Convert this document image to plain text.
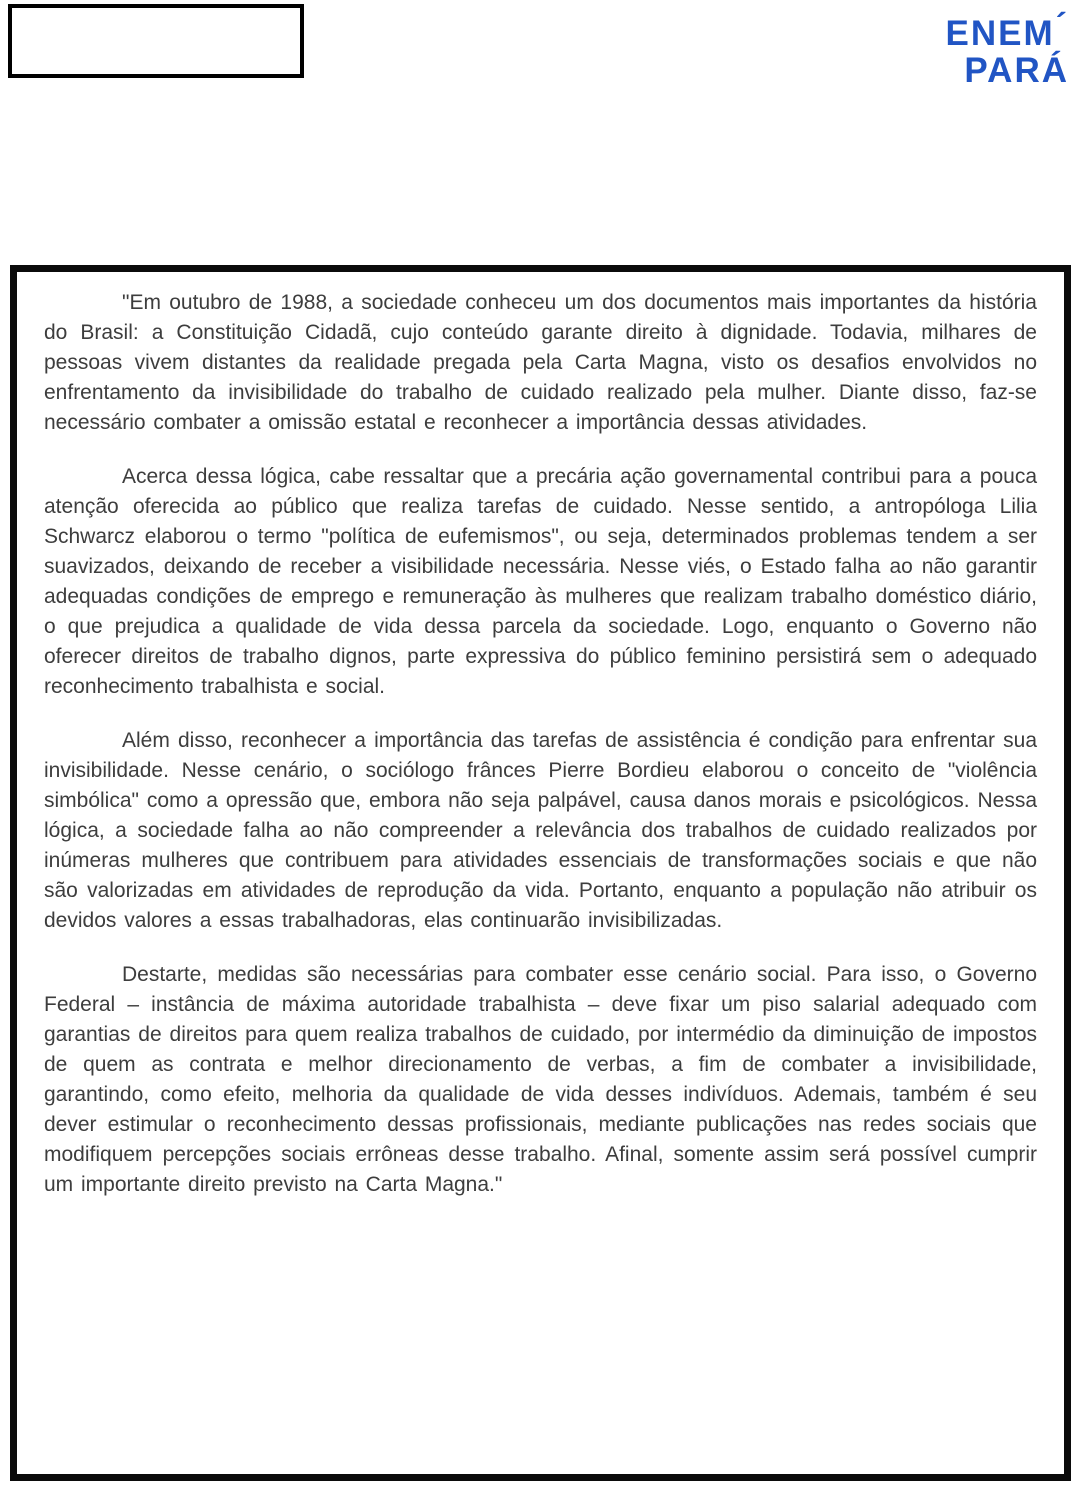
ENEM´
PARÁ

"Em outubro de 1988, a sociedade conheceu um dos documentos mais importantes da história do Brasil: a Constituição Cidadã, cujo conteúdo garante direito à dignidade. Todavia, milhares de pessoas vivem distantes da realidade pregada pela Carta Magna, visto os desafios envolvidos no enfrentamento da invisibilidade do trabalho de cuidado realizado pela mulher. Diante disso, faz-se necessário combater a omissão estatal e reconhecer a importância dessas atividades.

Acerca dessa lógica, cabe ressaltar que a precária ação governamental contribui para a pouca atenção oferecida ao público que realiza tarefas de cuidado. Nesse sentido, a antropóloga Lilia Schwarcz elaborou o termo "política de eufemismos", ou seja, determinados problemas tendem a ser suavizados, deixando de receber a visibilidade necessária. Nesse viés, o Estado falha ao não garantir adequadas condições de emprego e remuneração às mulheres que realizam trabalho doméstico diário, o que prejudica a qualidade de vida dessa parcela da sociedade. Logo, enquanto o Governo não oferecer direitos de trabalho dignos, parte expressiva do público feminino persistirá sem o adequado reconhecimento trabalhista e social.

Além disso, reconhecer a importância das tarefas de assistência é condição para enfrentar sua invisibilidade. Nesse cenário, o sociólogo frânces Pierre Bordieu elaborou o conceito de "violência simbólica" como a opressão que, embora não seja palpável, causa danos morais e psicológicos. Nessa lógica, a sociedade falha ao não compreender a relevância dos trabalhos de cuidado realizados por inúmeras mulheres que contribuem para atividades essenciais de transformações sociais e que não são valorizadas em atividades de reprodução da vida. Portanto, enquanto a população não atribuir os devidos valores a essas trabalhadoras, elas continuarão invisibilizadas.

Destarte, medidas são necessárias para combater esse cenário social. Para isso, o Governo Federal – instância de máxima autoridade trabalhista – deve fixar um piso salarial adequado com garantias de direitos para quem realiza trabalhos de cuidado, por intermédio da diminuição de impostos de quem as contrata e melhor direcionamento de verbas, a fim de combater a invisibilidade, garantindo, como efeito, melhoria da qualidade de vida desses indivíduos. Ademais, também é seu dever estimular o reconhecimento dessas profissionais, mediante publicações nas redes sociais que modifiquem percepções sociais errôneas desse trabalho. Afinal, somente assim será possível cumprir um importante direito previsto na Carta Magna."
